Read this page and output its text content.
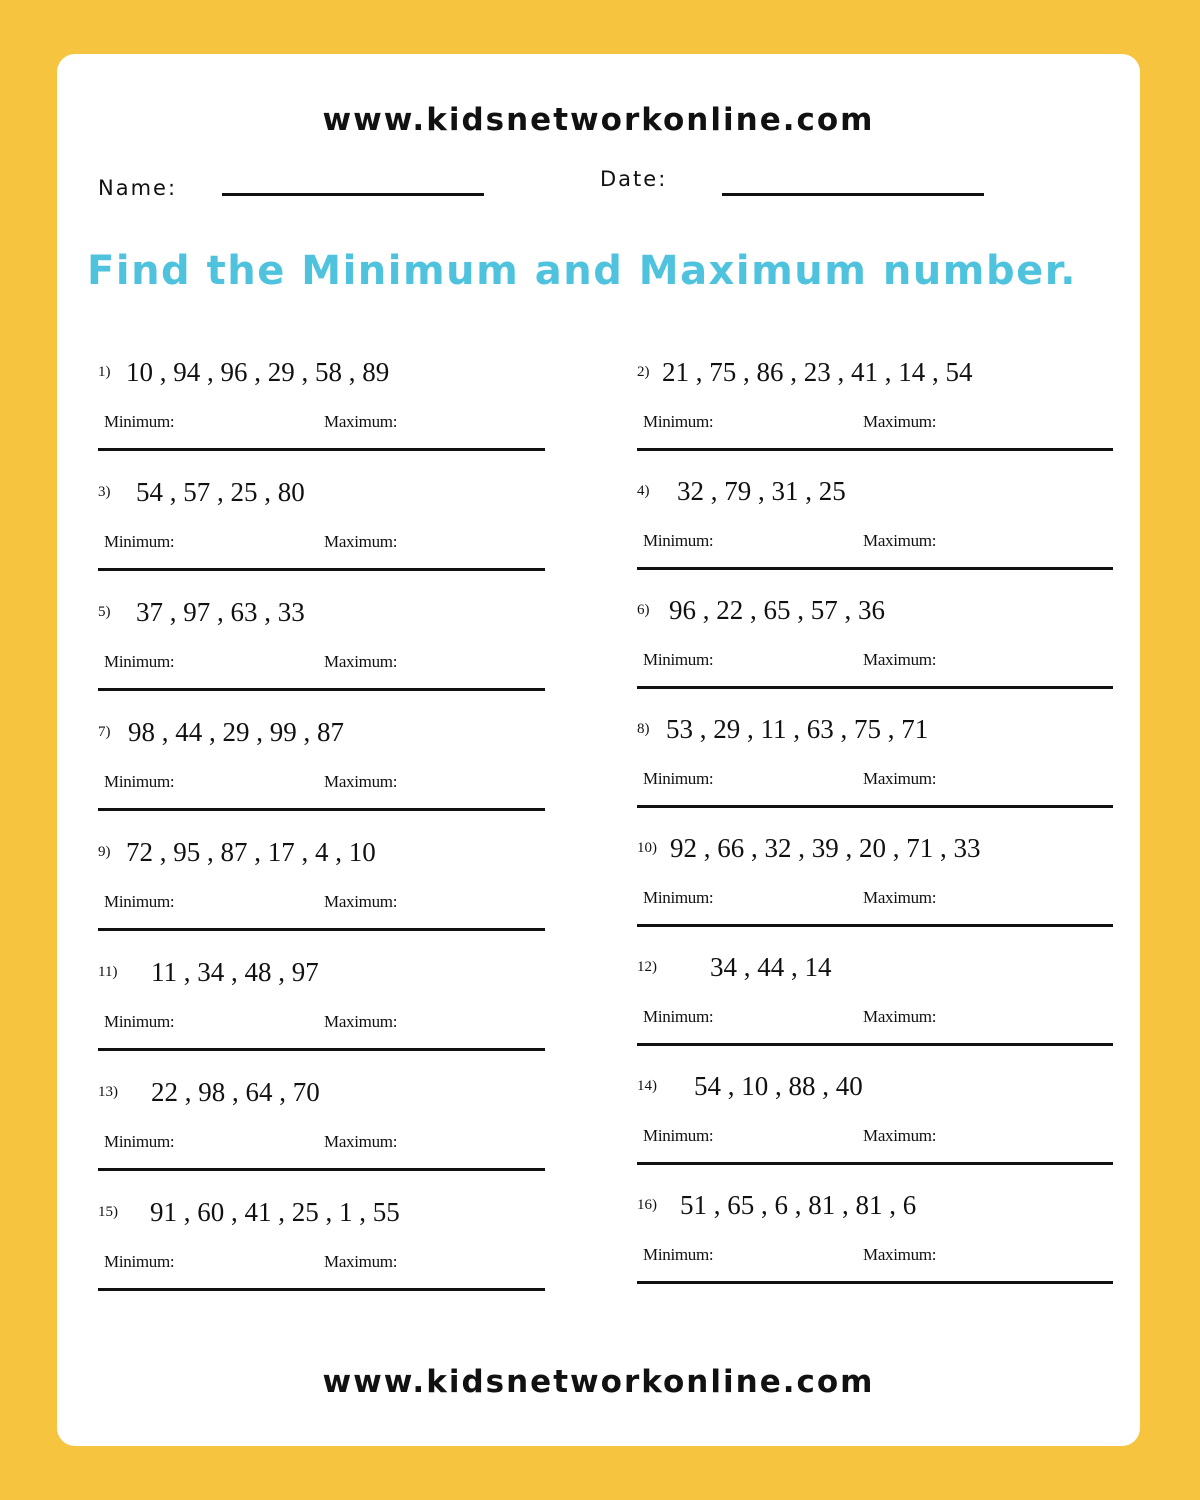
www.kidsnetworkonline.com
Name:	Date:
Find the Minimum and Maximum number.
1) 10 , 94 , 96 , 29 , 58 , 89
Minimum:	Maximum:
2) 21 , 75 , 86 , 23 , 41 , 14 , 54
Minimum:	Maximum:
3) 54 , 57 , 25 , 80
Minimum:	Maximum:
4) 32 , 79 , 31 , 25
Minimum:	Maximum:
5) 37 , 97 , 63 , 33
Minimum:	Maximum:
6) 96 , 22 , 65 , 57 , 36
Minimum:	Maximum:
7) 98 , 44 , 29 , 99 , 87
Minimum:	Maximum:
8) 53 , 29 , 11 , 63 , 75 , 71
Minimum:	Maximum:
9) 72 , 95 , 87 , 17 , 4 , 10
Minimum:	Maximum:
10) 92 , 66 , 32 , 39 , 20 , 71 , 33
Minimum:	Maximum:
11) 11 , 34 , 48 , 97
Minimum:	Maximum:
12) 34 , 44 , 14
Minimum:	Maximum:
13) 22 , 98 , 64 , 70
Minimum:	Maximum:
14) 54 , 10 , 88 , 40
Minimum:	Maximum:
15) 91 , 60 , 41 , 25 , 1 , 55
Minimum:	Maximum:
16) 51 , 65 , 6 , 81 , 81 , 6
Minimum:	Maximum:
www.kidsnetworkonline.com
